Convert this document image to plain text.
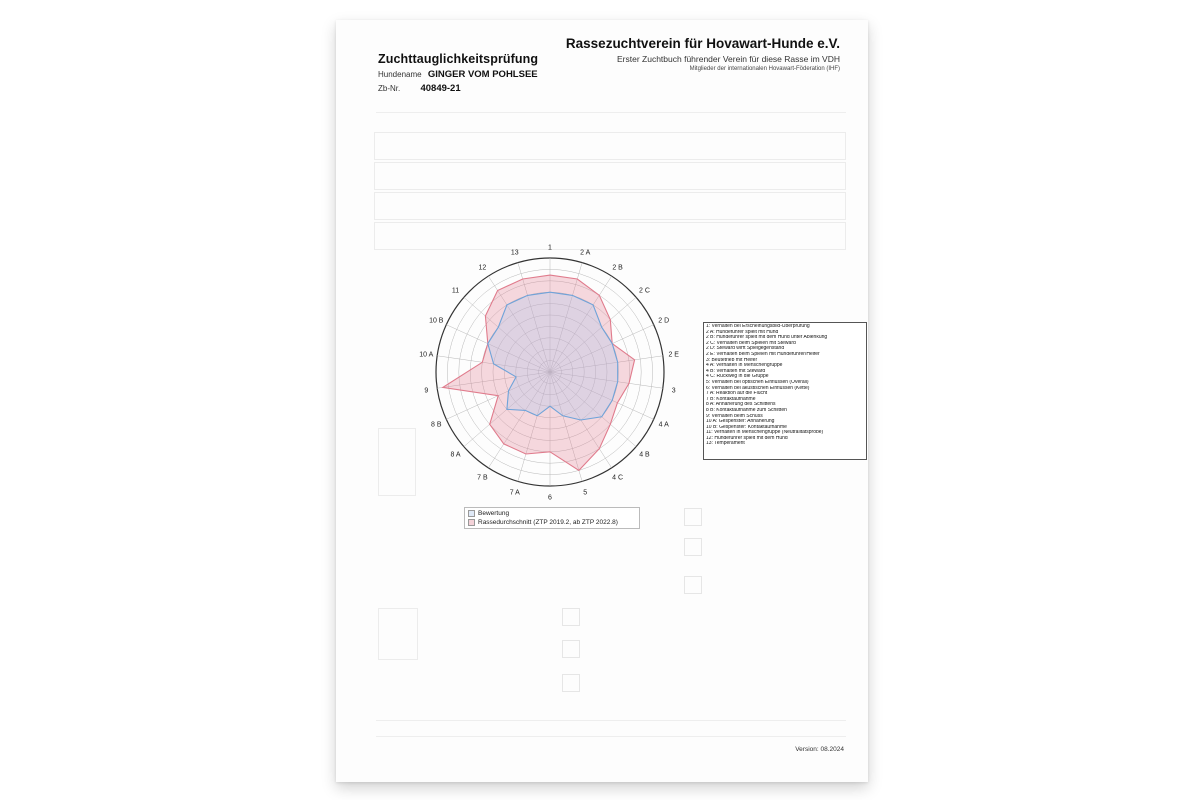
Zuchttauglichkeitsprüfung
Hundename GINGER VOM POHLSEE
Zb-Nr. 40849-21
Rassezuchtverein für Hovawart-Hunde e.V.
Erster Zuchtbuch führender Verein für diese Rasse im VDH
Mitglieder der internationalen Hovawart-Föderation (IHF)
1
2 A
2 B
2 C
2 D
2 E
3
4 A
4 B
4 C
5
6
7 A
7 B
8 A
8 B
9
10 A
10 B
11
12
13
1: Verhalten bei Erscheinungsbild-Überprüfung
2 A: Hundeführer spielt mit Hund
2 B: Hundeführer spielt mit dem Hund unter Ablenkung
2 C: Verhalten beim Spielen mit Steward
2 D: Steward wirft Spielgegenstand
2 E: Verhalten beim Spielen mit Hundeführer/Helfer
3: Beutetrieb mit Helfer
4 A: Verhalten in Menschengruppe
4 B: Verhalten mit Steward
4 C: Rückweg in die Gruppe
5: Verhalten bei optischen Einflüssen (Overall)
6: Verhalten bei akustischen Einflüssen (Kette)
7 A: Reaktion auf die Flucht
7 B: Kontaktaufnahme
8 A: Annäherung des Schlittens
8 B: Kontaktaufnahme zum Schlitten
9: Verhalten beim Schuss
10 A: Gespenster: Annäherung
10 B: Gespenster: Kontaktaufnahme
11: Verhalten in Menschengruppe (Neutralitätsprobe)
12: Hundeführer spielt mit dem Hund
13: Temperament
Bewertung
Rassedurchschnitt (ZTP 2019.2, ab ZTP 2022.8)
Version: 08.2024
